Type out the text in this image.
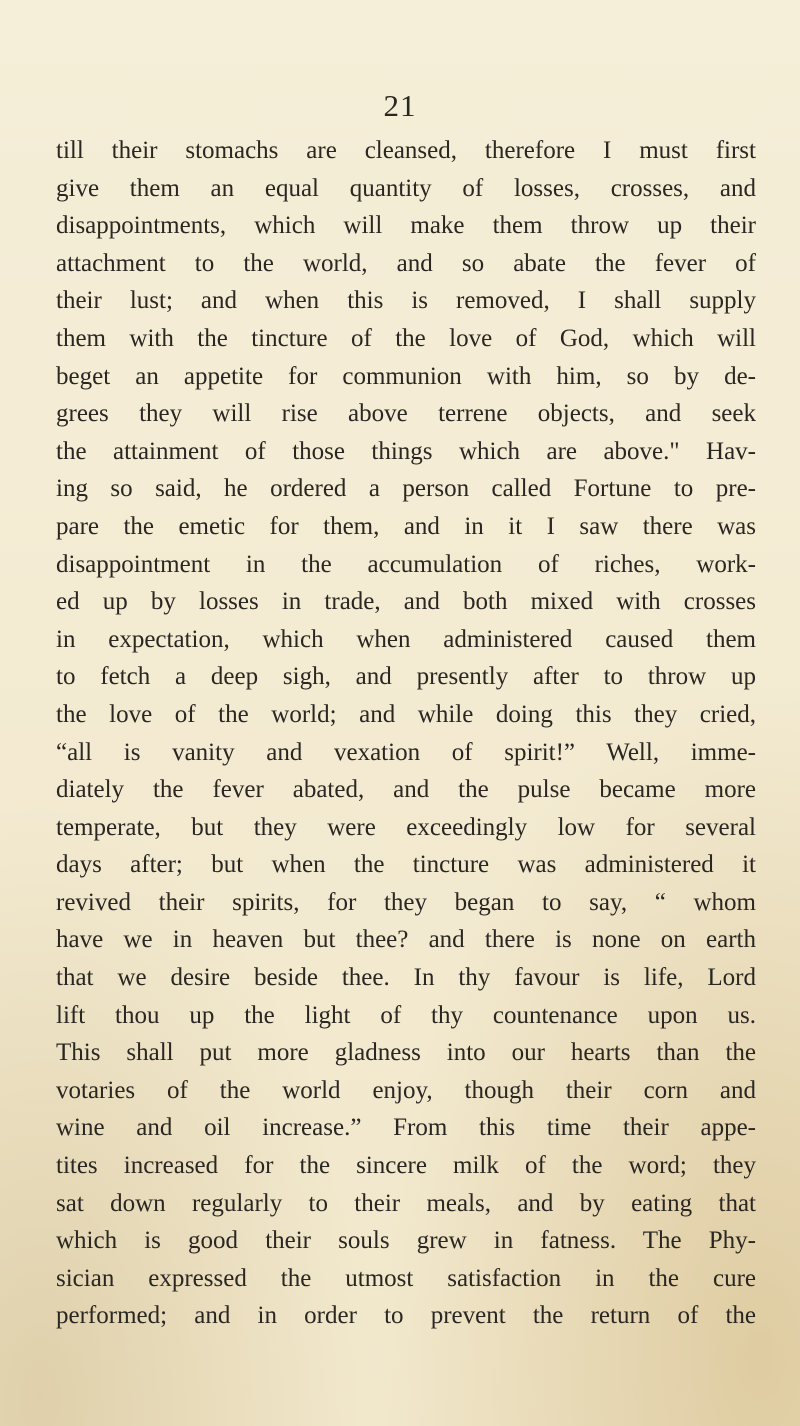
21
till their stomachs are cleansed, therefore I must first
give them an equal quantity of losses, crosses, and
disappointments, which will make them throw up their
attachment to the world, and so abate the fever of
their lust; and when this is removed, I shall supply
them with the tincture of the love of God, which will
beget an appetite for communion with him, so by de-
grees they will rise above terrene objects, and seek
the attainment of those things which are above." Hav-
ing so said, he ordered a person called Fortune to pre-
pare the emetic for them, and in it I saw there was
disappointment in the accumulation of riches, work-
ed up by losses in trade, and both mixed with crosses
in expectation, which when administered caused them
to fetch a deep sigh, and presently after to throw up
the love of the world; and while doing this they cried,
“all is vanity and vexation of spirit!” Well, imme-
diately the fever abated, and the pulse became more
temperate, but they were exceedingly low for several
days after; but when the tincture was administered it
revived their spirits, for they began to say, “ whom
have we in heaven but thee? and there is none on earth
that we desire beside thee. In thy favour is life, Lord
lift thou up the light of thy countenance upon us.
This shall put more gladness into our hearts than the
votaries of the world enjoy, though their corn and
wine and oil increase.” From this time their appe-
tites increased for the sincere milk of the word; they
sat down regularly to their meals, and by eating that
which is good their souls grew in fatness. The Phy-
sician expressed the utmost satisfaction in the cure
performed; and in order to prevent the return of the
